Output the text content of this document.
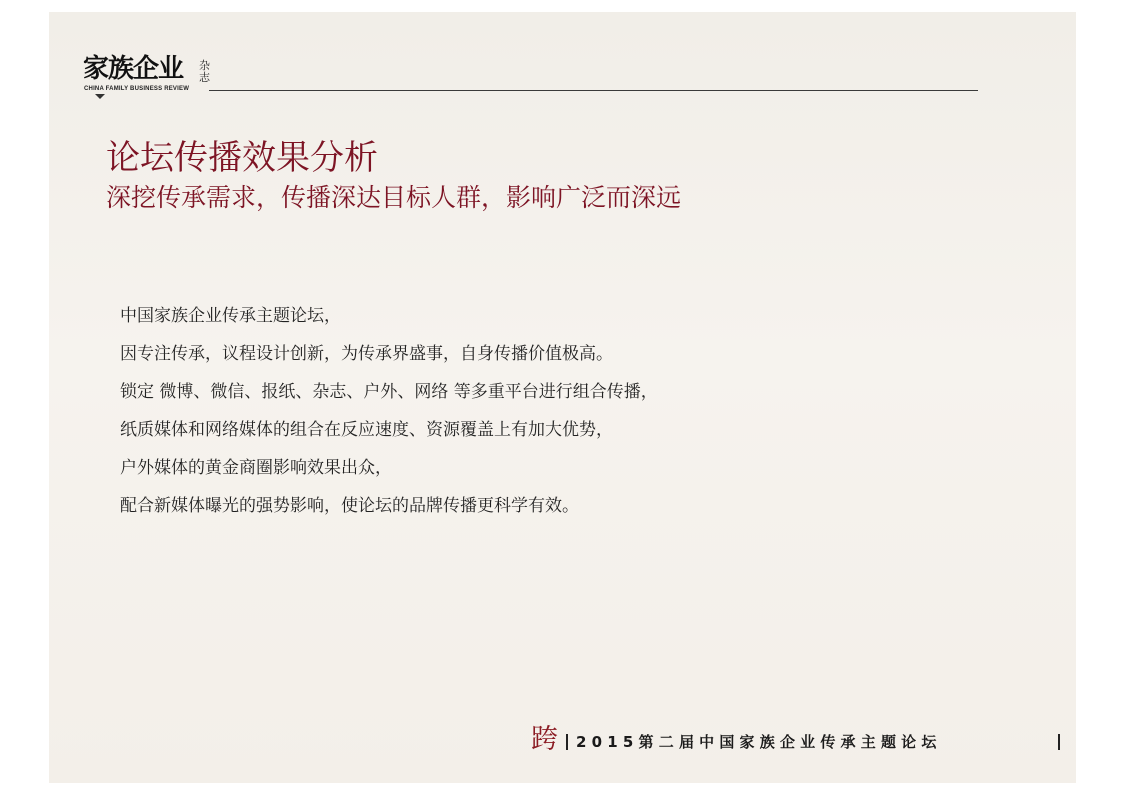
家族企业 杂志
CHINA FAMILY BUSINESS REVIEW
论坛传播效果分析
深挖传承需求，传播深达目标人群，影响广泛而深远
中国家族企业传承主题论坛，
因专注传承，议程设计创新，为传承界盛事，自身传播价值极高。
锁定 微博、微信、报纸、杂志、户外、网络 等多重平台进行组合传播，
纸质媒体和网络媒体的组合在反应速度、资源覆盖上有加大优势，
户外媒体的黄金商圈影响效果出众，
配合新媒体曝光的强势影响，使论坛的品牌传播更科学有效。
跨 2015第二届中国家族企业传承主题论坛
